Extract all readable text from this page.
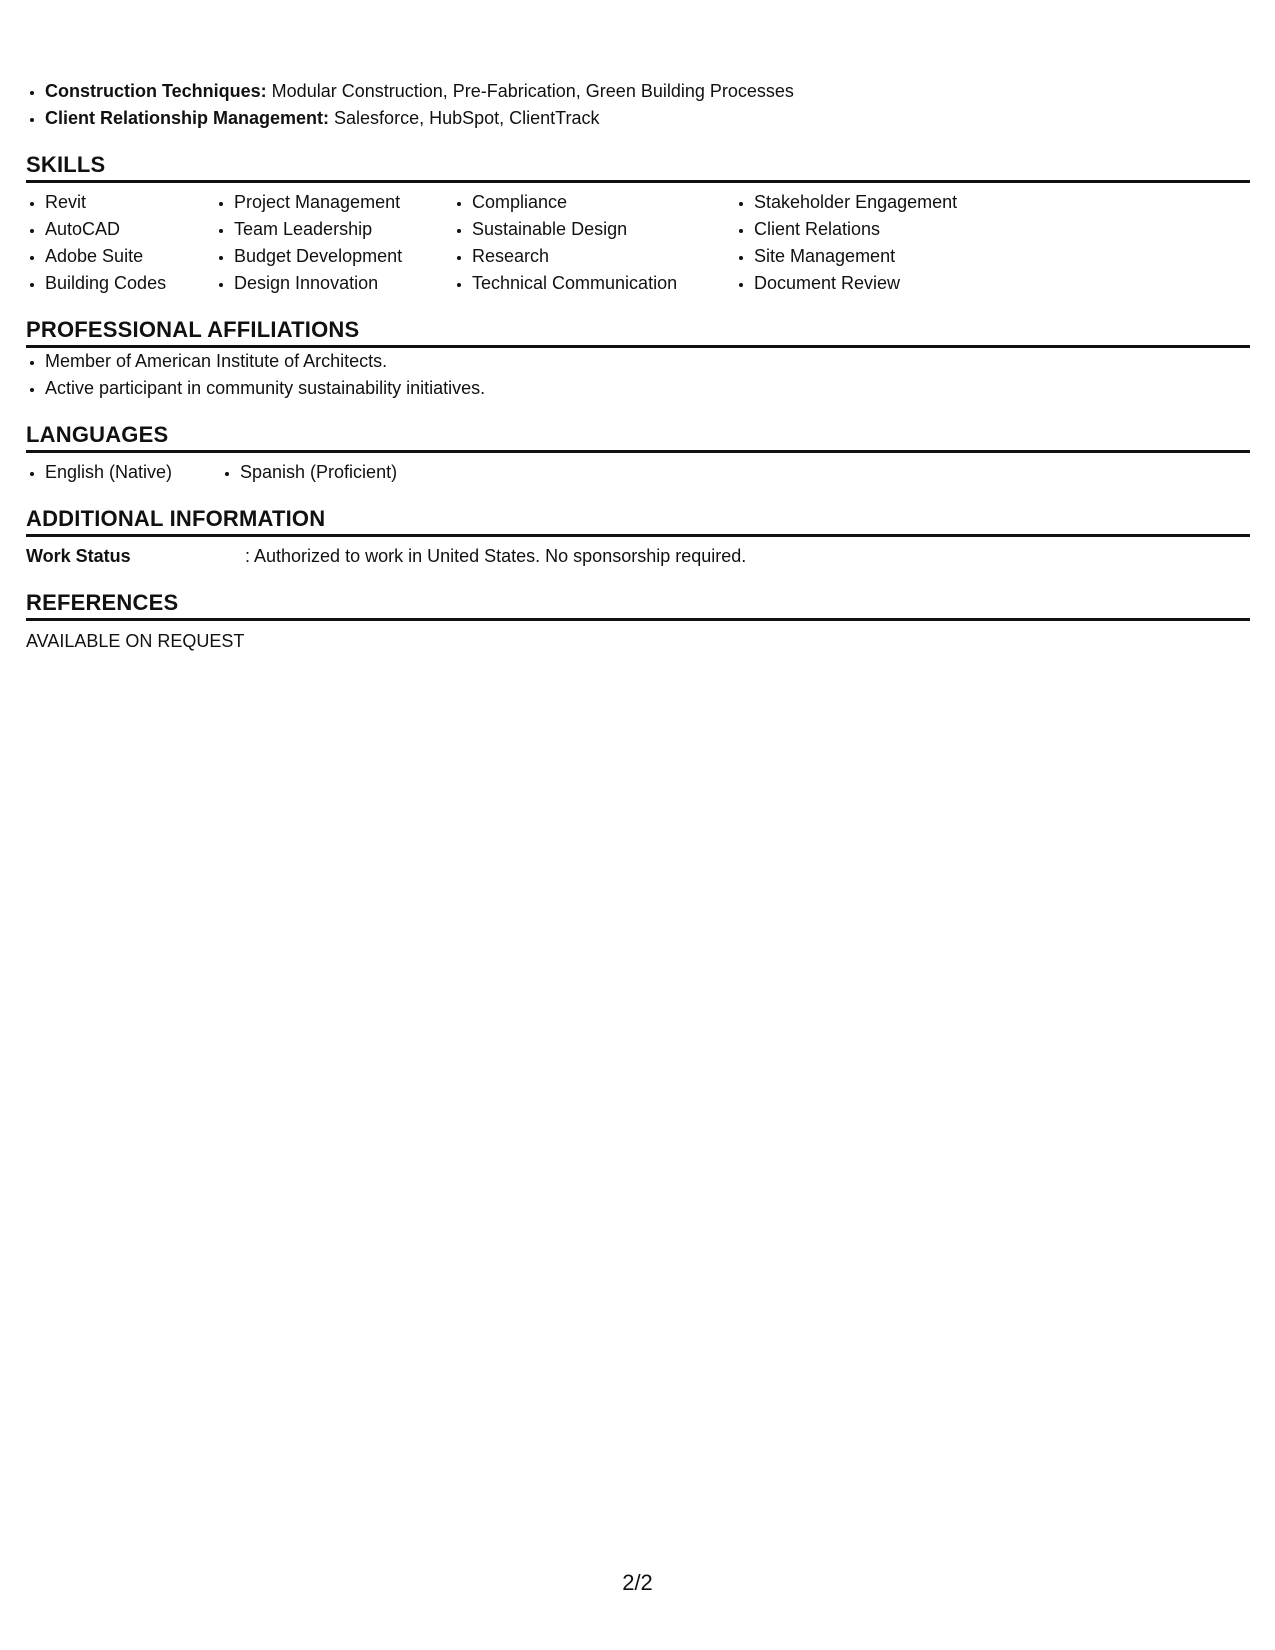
• Construction Techniques: Modular Construction, Pre-Fabrication, Green Building Processes
• Client Relationship Management: Salesforce, HubSpot, ClientTrack
SKILLS
• Revit
• AutoCAD
• Adobe Suite
• Building Codes
• Project Management
• Team Leadership
• Budget Development
• Design Innovation
• Compliance
• Sustainable Design
• Research
• Technical Communication
• Stakeholder Engagement
• Client Relations
• Site Management
• Document Review
PROFESSIONAL AFFILIATIONS
• Member of American Institute of Architects.
• Active participant in community sustainability initiatives.
LANGUAGES
• English (Native)
•	Spanish (Proficient)
ADDITIONAL INFORMATION
Work Status	: Authorized to work in United States. No sponsorship required.
REFERENCES
AVAILABLE ON REQUEST
2/2
